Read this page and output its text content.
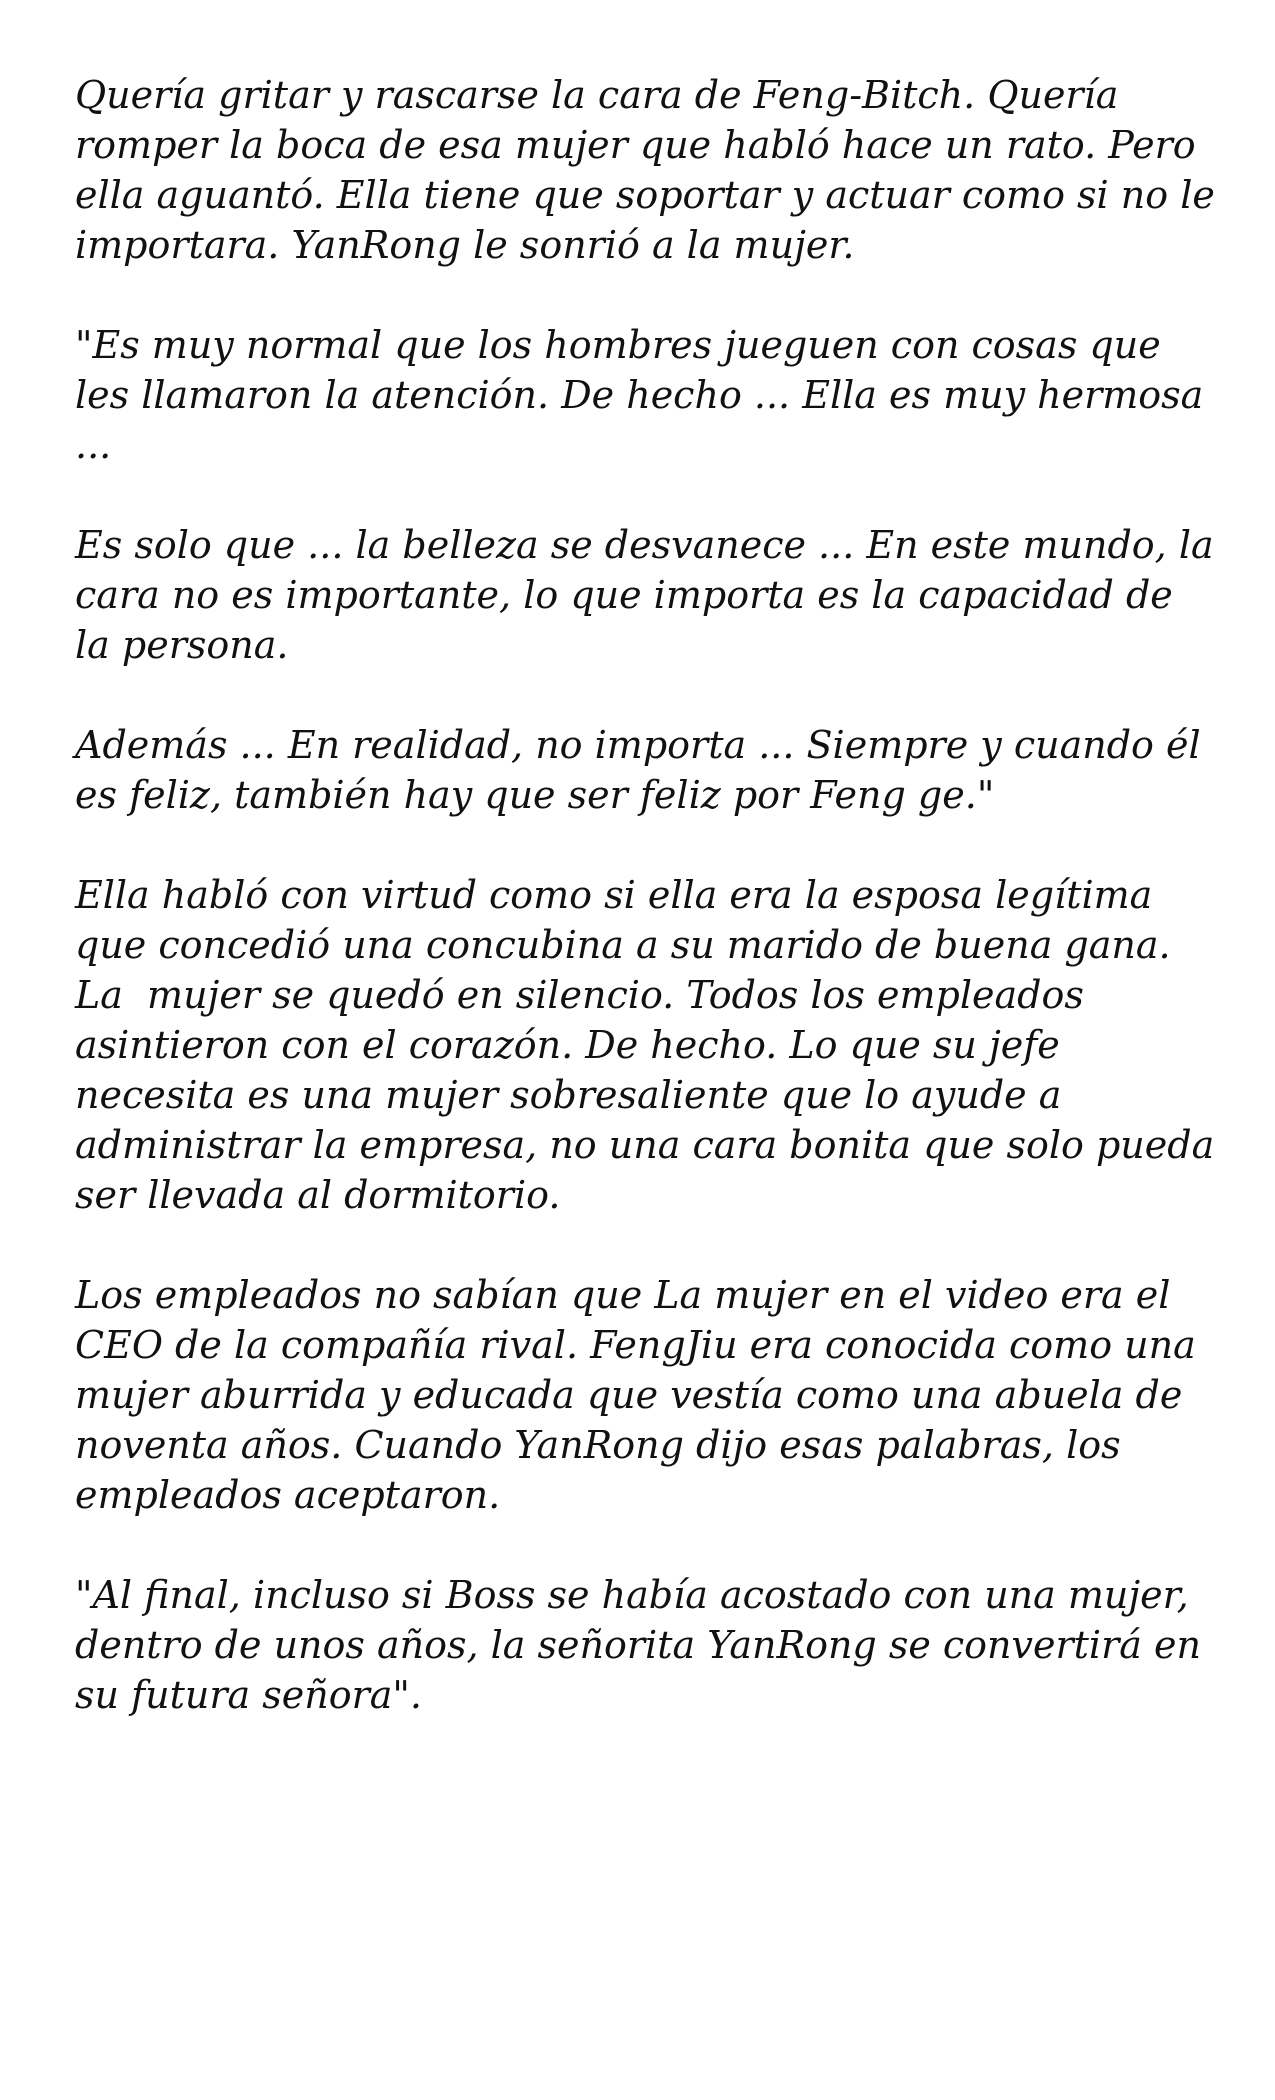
Quería gritar y rascarse la cara de Feng-Bitch. Quería romper la boca de esa mujer que habló hace un rato. Pero ella aguantó. Ella tiene que soportar y actuar como si no le importara. YanRong le sonrió a la mujer.

"Es muy normal que los hombres jueguen con cosas que les llamaron la atención. De hecho ... Ella es muy hermosa ...

Es solo que ... la belleza se desvanece ... En este mundo, la cara no es importante, lo que importa es la capacidad de la persona.

Además ... En realidad, no importa ... Siempre y cuando él es feliz, también hay que ser feliz por Feng ge."

Ella habló con virtud como si ella era la esposa legítima que concedió una concubina a su marido de buena gana. La  mujer se quedó en silencio. Todos los empleados asintieron con el corazón. De hecho. Lo que su jefe necesita es una mujer sobresaliente que lo ayude a administrar la empresa, no una cara bonita que solo pueda ser llevada al dormitorio.

Los empleados no sabían que La mujer en el video era el CEO de la compañía rival. FengJiu era conocida como una mujer aburrida y educada que vestía como una abuela de noventa años. Cuando YanRong dijo esas palabras, los empleados aceptaron.

"Al final, incluso si Boss se había acostado con una mujer, dentro de unos años, la señorita YanRong se convertirá en su futura señora".
